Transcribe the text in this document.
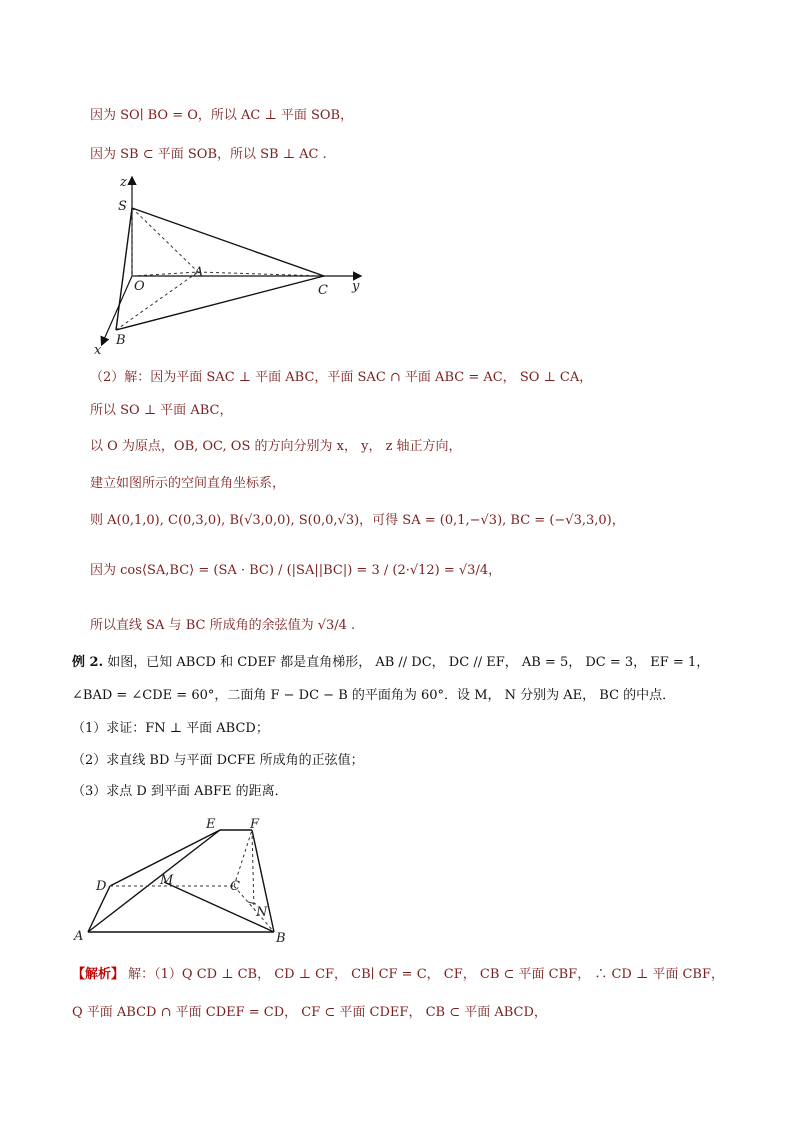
因为 SO∣ BO = O，所以 AC ⊥ 平面 SOB，
因为 SB ⊂ 平面 SOB，所以 SB ⊥ AC .
z
S
A
O	C y
B
x
（2）解：因为平面 SAC ⊥ 平面 ABC，平面 SAC ∩ 平面 ABC = AC， SO ⊥ CA，
所以 SO ⊥ 平面 ABC，
以 O 为原点，OB, OC, OS 的方向分别为 x， y， z 轴正方向，
建立如图所示的空间直角坐标系，
则 A(0,1,0), C(0,3,0), B(√3,0,0), S(0,0,√3)，可得 SA = (0,1,−√3), BC = (−√3,3,0)，
因为 cos⟨SA,BC⟩ = (SA · BC) / (|SA||BC|) = 3 / (2·√12) = √3/4，
所以直线 SA 与 BC 所成角的余弦值为 √3/4 .
例 2. 如图，已知 ABCD 和 CDEF 都是直角梯形， AB // DC， DC // EF， AB = 5， DC = 3， EF = 1，
∠BAD = ∠CDE = 60°，二面角 F − DC − B 的平面角为 60°．设 M， N 分别为 AE， BC 的中点．
（1）求证：FN ⊥ 平面 ABCD；
（2）求直线 BD 与平面 DCFE 所成角的正弦值；
（3）求点 D 到平面 ABFE 的距离．
E	F
D	M	C
N
A	B
【解析】 解：（1）Q CD ⊥ CB， CD ⊥ CF， CB∣ CF = C， CF， CB ⊂ 平面 CBF， ∴ CD ⊥ 平面 CBF，
Q 平面 ABCD ∩ 平面 CDEF = CD， CF ⊂ 平面 CDEF， CB ⊂ 平面 ABCD，
